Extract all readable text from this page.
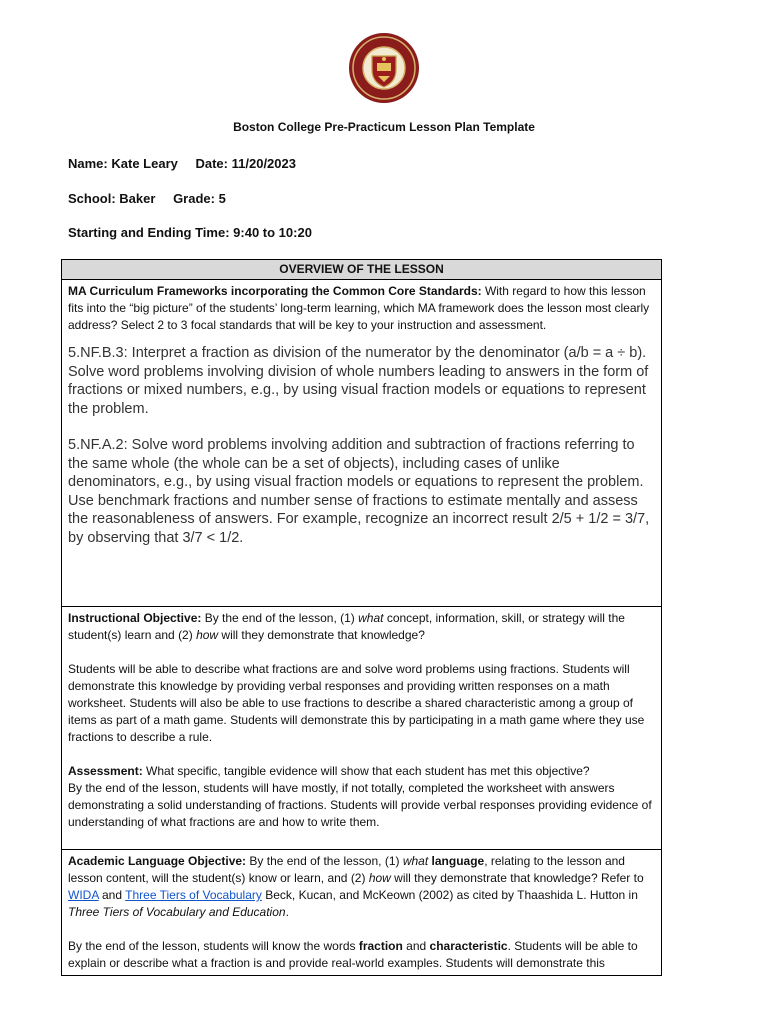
Boston College Pre-Practicum Lesson Plan Template
Name: Kate Leary Date: 11/20/2023
School: Baker Grade: 5
Starting and Ending Time: 9:40 to 10:20
OVERVIEW OF THE LESSON

MA Curriculum Frameworks incorporating the Common Core Standards: With regard to how this lesson fits into the “big picture” of the students’ long-term learning, which MA framework does the lesson most clearly address? Select 2 to 3 focal standards that will be key to your instruction and assessment.

5.NF.B.3: Interpret a fraction as division of the numerator by the denominator (a/b = a ÷ b). Solve word problems involving division of whole numbers leading to answers in the form of fractions or mixed numbers, e.g., by using visual fraction models or equations to represent the problem.

5.NF.A.2: Solve word problems involving addition and subtraction of fractions referring to the same whole (the whole can be a set of objects), including cases of unlike denominators, e.g., by using visual fraction models or equations to represent the problem. Use benchmark fractions and number sense of fractions to estimate mentally and assess the reasonableness of answers. For example, recognize an incorrect result 2/5 + 1/2 = 3/7, by observing that 3/7 < 1/2.

Instructional Objective: By the end of the lesson, (1) what concept, information, skill, or strategy will the student(s) learn and (2) how will they demonstrate that knowledge?

Students will be able to describe what fractions are and solve word problems using fractions. Students will demonstrate this knowledge by providing verbal responses and providing written responses on a math worksheet. Students will also be able to use fractions to describe a shared characteristic among a group of items as part of a math game. Students will demonstrate this by participating in a math game where they use fractions to describe a rule.

Assessment: What specific, tangible evidence will show that each student has met this objective?

By the end of the lesson, students will have mostly, if not totally, completed the worksheet with answers demonstrating a solid understanding of fractions. Students will provide verbal responses providing evidence of understanding of what fractions are and how to write them.

Academic Language Objective: By the end of the lesson, (1) what language, relating to the lesson and lesson content, will the student(s) know or learn, and (2) how will they demonstrate that knowledge? Refer to WIDA and Three Tiers of Vocabulary Beck, Kucan, and McKeown (2002) as cited by Thaashida L. Hutton in Three Tiers of Vocabulary and Education.

By the end of the lesson, students will know the words fraction and characteristic. Students will be able to explain or describe what a fraction is and provide real-world examples. Students will demonstrate this
